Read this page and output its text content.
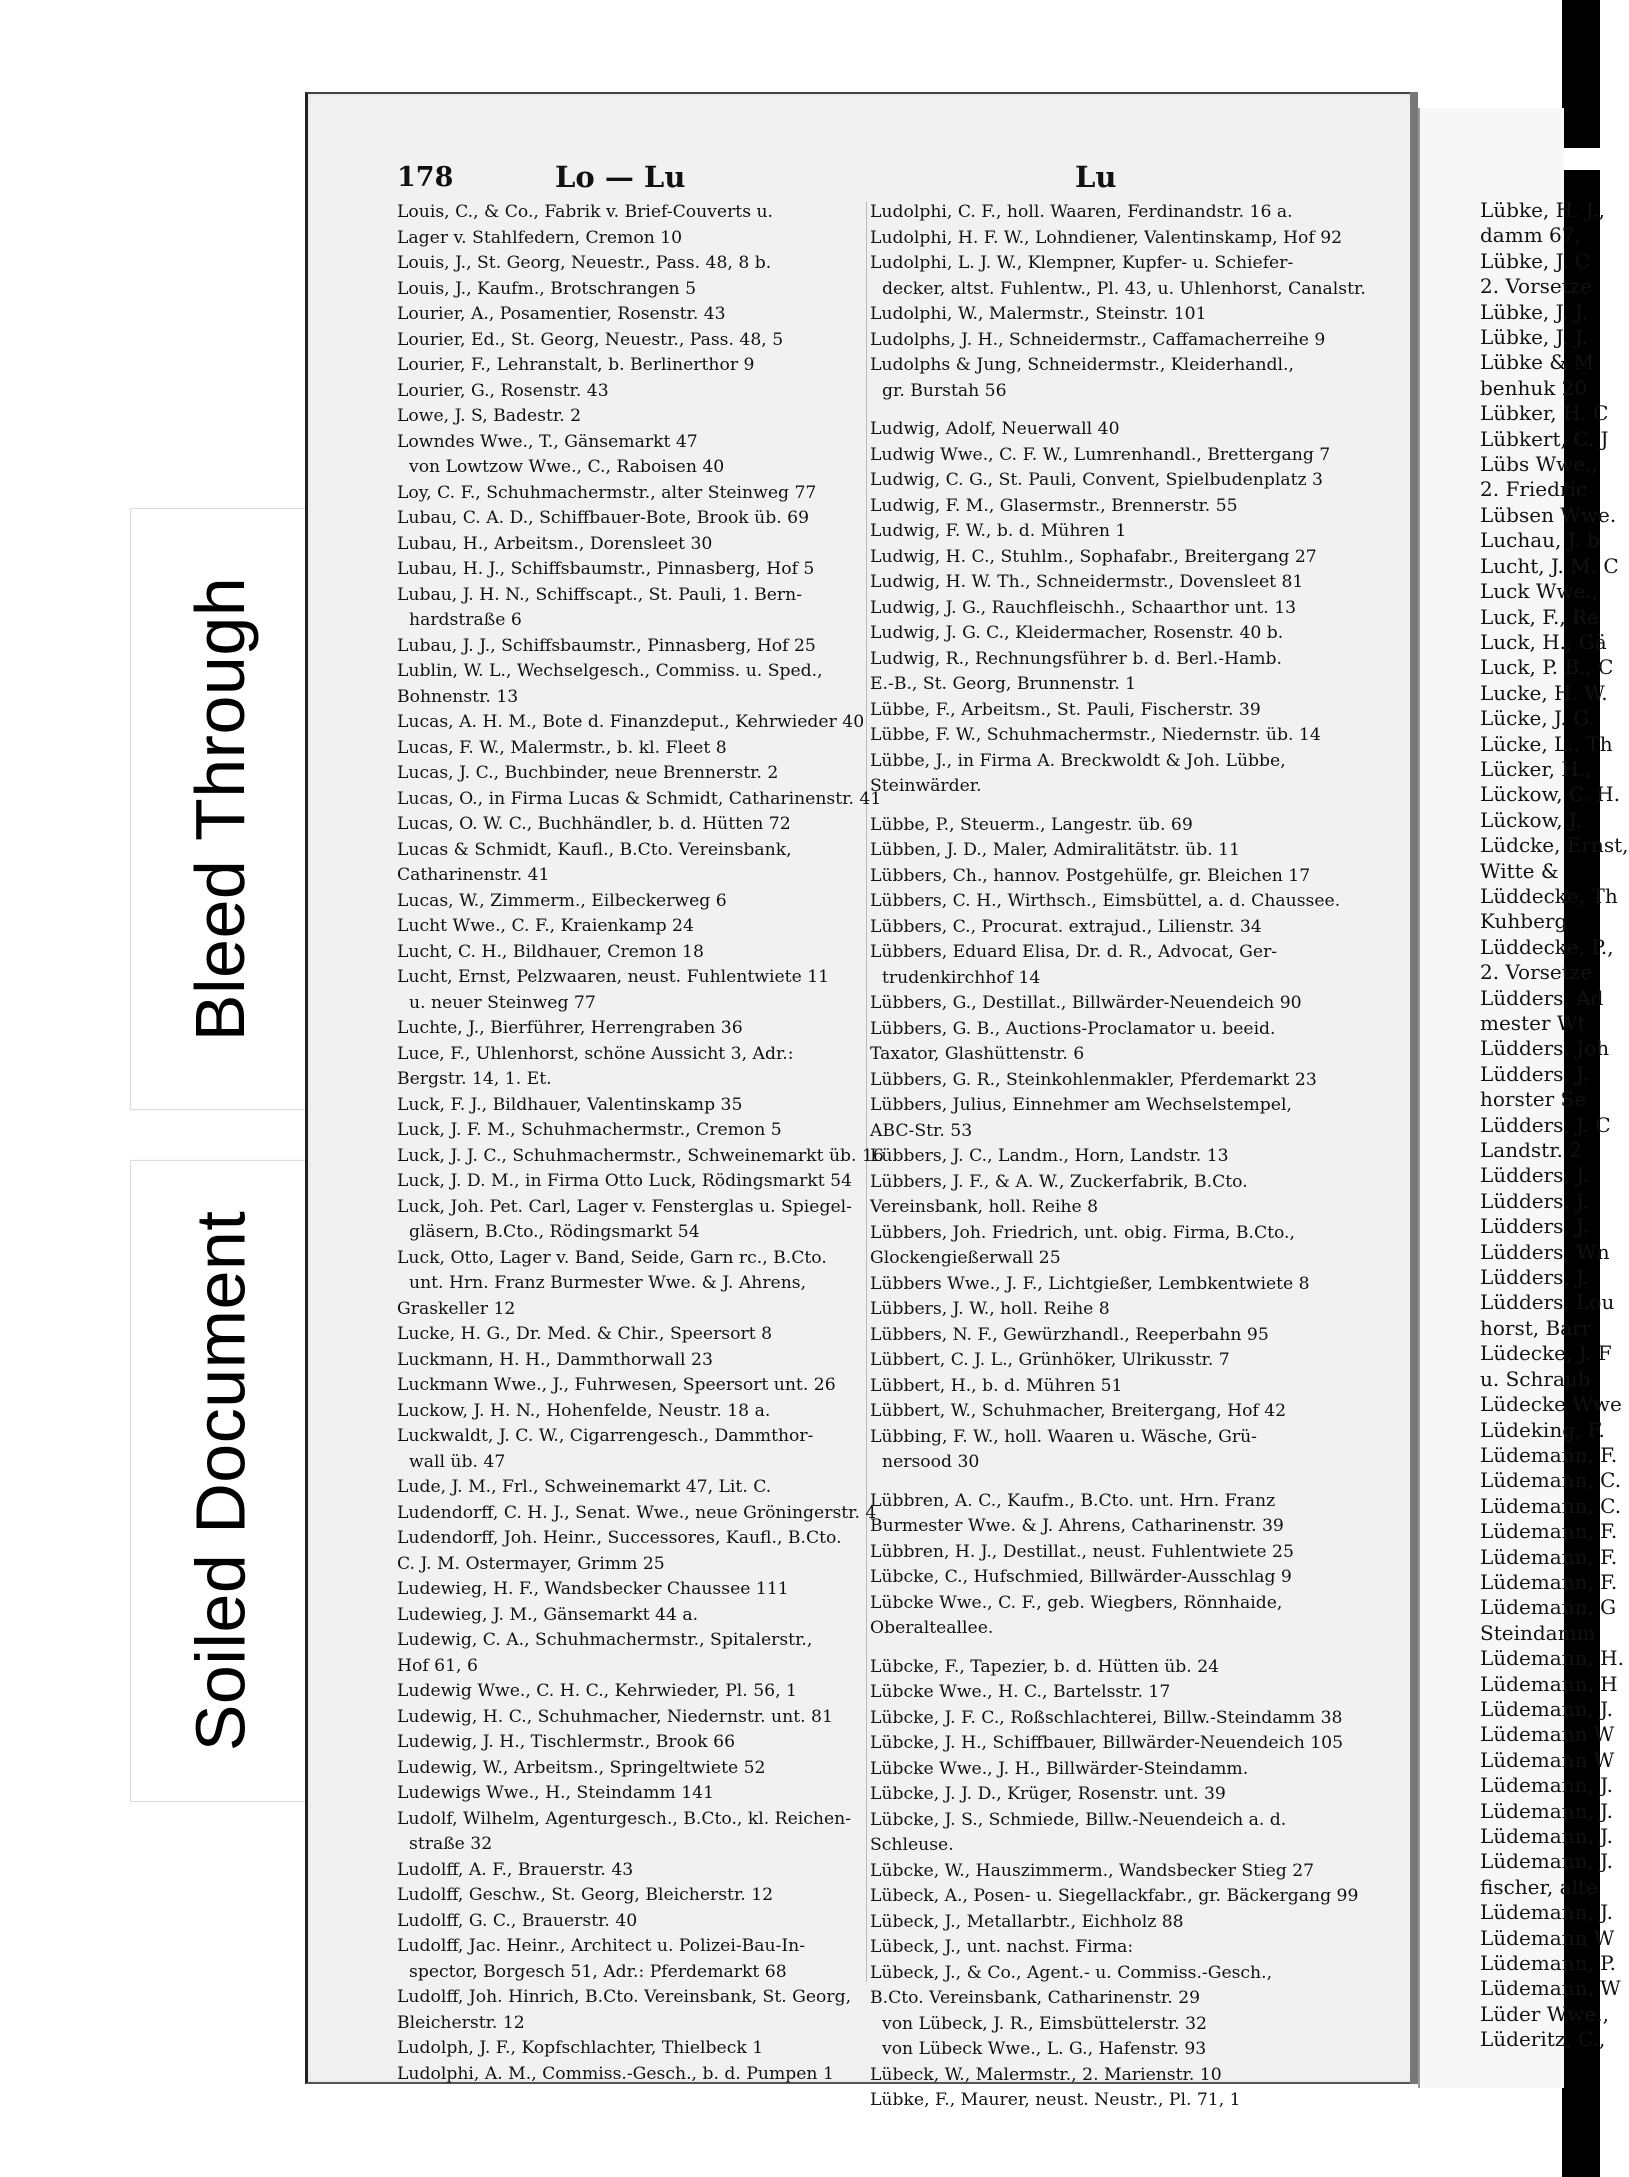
Bleed Through
Soiled Document
Lübke, H. J.,
damm 67,
Lübke, J. C
2. Vorsetze
Lübke, J. J.
Lübke, J. J.
Lübke & M
benhuk 20
Lübker, H. C
Lübkert, C. J
Lübs Wwe.,
2. Friedric
Lübsen Wwe.
Luchau, J. b
Lucht, J. M. C
Luck Wwe.,
Luck, F., Re
Luck, H., Gä
Luck, P. B., C
Lucke, H. W.
Lücke, J. G.
Lücke, L., Th
Lücker, H.,
Lückow, C. H.
Lückow, J.
Lüdcke, Ernst,
Witte &
Lüddecke, Th
Kuhberg
Lüddecke, P.,
2. Vorsetze
Lüdders, Ad
mester Wt
Lüdders, Joh
Lüdders, J.
horster Se
Lüdders, J. C
Landstr. 2
Lüdders, J.
Lüdders, J.
Lüdders, J.
Lüdders, Wn
Lüdders, J.
Lüdders, Lou
horst, Barr
Lüdecke, J. F
u. Schraub
Lüdecke Wwe
Lüdeking, F.
Lüdemann, F.
Lüdemann, C.
Lüdemann, C.
Lüdemann, F.
Lüdemann, F.
Lüdemann, F.
Lüdemann, G
Steindamm
Lüdemann, H.
Lüdemann, H
Lüdemann, J.
Lüdemann W
Lüdemann W
Lüdemann, J.
Lüdemann, J.
Lüdemann, J.
Lüdemann, J.
fischer, alte
Lüdemann, J.
Lüdemann W
Lüdemann, P.
Lüdemann, W
Lüder Wwe.,
Lüderitz, C.,
178	Lo — Lu	Lu
Louis, C., & Co., Fabrik v. Brief-Couverts u.
Lager v. Stahlfedern, Cremon 10
Louis, J., St. Georg, Neuestr., Pass. 48, 8 b.
Louis, J., Kaufm., Brotschrangen 5
Lourier, A., Posamentier, Rosenstr. 43
Lourier, Ed., St. Georg, Neuestr., Pass. 48, 5
Lourier, F., Lehranstalt, b. Berlinerthor 9
Lourier, G., Rosenstr. 43
Lowe, J. S, Badestr. 2
Lowndes Wwe., T., Gänsemarkt 47
von Lowtzow Wwe., C., Raboisen 40
Loy, C. F., Schuhmachermstr., alter Steinweg 77
Lubau, C. A. D., Schiffbauer-Bote, Brook üb. 69
Lubau, H., Arbeitsm., Dorensleet 30
Lubau, H. J., Schiffsbaumstr., Pinnasberg, Hof 5
Lubau, J. H. N., Schiffscapt., St. Pauli, 1. Bern-
hardstraße 6
Lubau, J. J., Schiffsbaumstr., Pinnasberg, Hof 25
Lublin, W. L., Wechselgesch., Commiss. u. Sped.,
Bohnenstr. 13
Lucas, A. H. M., Bote d. Finanzdeput., Kehrwieder 40
Lucas, F. W., Malermstr., b. kl. Fleet 8
Lucas, J. C., Buchbinder, neue Brennerstr. 2
Lucas, O., in Firma Lucas & Schmidt, Catharinenstr. 41
Lucas, O. W. C., Buchhändler, b. d. Hütten 72
Lucas & Schmidt, Kaufl., B.Cto. Vereinsbank,
Catharinenstr. 41
Lucas, W., Zimmerm., Eilbeckerweg 6
Lucht Wwe., C. F., Kraienkamp 24
Lucht, C. H., Bildhauer, Cremon 18
Lucht, Ernst, Pelzwaaren, neust. Fuhlentwiete 11
u. neuer Steinweg 77
Luchte, J., Bierführer, Herrengraben 36
Luce, F., Uhlenhorst, schöne Aussicht 3, Adr.:
Bergstr. 14, 1. Et.
Luck, F. J., Bildhauer, Valentinskamp 35
Luck, J. F. M., Schuhmachermstr., Cremon 5
Luck, J. J. C., Schuhmachermstr., Schweinemarkt üb. 16
Luck, J. D. M., in Firma Otto Luck, Rödingsmarkt 54
Luck, Joh. Pet. Carl, Lager v. Fensterglas u. Spiegel-
gläsern, B.Cto., Rödingsmarkt 54
Luck, Otto, Lager v. Band, Seide, Garn rc., B.Cto.
unt. Hrn. Franz Burmester Wwe. & J. Ahrens,
Graskeller 12
Lucke, H. G., Dr. Med. & Chir., Speersort 8
Luckmann, H. H., Dammthorwall 23
Luckmann Wwe., J., Fuhrwesen, Speersort unt. 26
Luckow, J. H. N., Hohenfelde, Neustr. 18 a.
Luckwaldt, J. C. W., Cigarrengesch., Dammthor-
wall üb. 47
Lude, J. M., Frl., Schweinemarkt 47, Lit. C.
Ludendorff, C. H. J., Senat. Wwe., neue Gröningerstr. 4
Ludendorff, Joh. Heinr., Successores, Kaufl., B.Cto.
C. J. M. Ostermayer, Grimm 25
Ludewieg, H. F., Wandsbecker Chaussee 111
Ludewieg, J. M., Gänsemarkt 44 a.
Ludewig, C. A., Schuhmachermstr., Spitalerstr.,
Hof 61, 6
Ludewig Wwe., C. H. C., Kehrwieder, Pl. 56, 1
Ludewig, H. C., Schuhmacher, Niedernstr. unt. 81
Ludewig, J. H., Tischlermstr., Brook 66
Ludewig, W., Arbeitsm., Springeltwiete 52
Ludewigs Wwe., H., Steindamm 141
Ludolf, Wilhelm, Agenturgesch., B.Cto., kl. Reichen-
straße 32
Ludolff, A. F., Brauerstr. 43
Ludolff, Geschw., St. Georg, Bleicherstr. 12
Ludolff, G. C., Brauerstr. 40
Ludolff, Jac. Heinr., Architect u. Polizei-Bau-In-
spector, Borgesch 51, Adr.: Pferdemarkt 68
Ludolff, Joh. Hinrich, B.Cto. Vereinsbank, St. Georg,
Bleicherstr. 12
Ludolph, J. F., Kopfschlachter, Thielbeck 1
Ludolphi, A. M., Commiss.-Gesch., b. d. Pumpen 1
Ludolphi, C. F., holl. Waaren, Ferdinandstr. 16 a.
Ludolphi, H. F. W., Lohndiener, Valentinskamp, Hof 92
Ludolphi, L. J. W., Klempner, Kupfer- u. Schiefer-
decker, altst. Fuhlentw., Pl. 43, u. Uhlenhorst, Canalstr.
Ludolphi, W., Malermstr., Steinstr. 101
Ludolphs, J. H., Schneidermstr., Caffamacherreihe 9
Ludolphs & Jung, Schneidermstr., Kleiderhandl.,
gr. Burstah 56
Ludwig, Adolf, Neuerwall 40
Ludwig Wwe., C. F. W., Lumrenhandl., Brettergang 7
Ludwig, C. G., St. Pauli, Convent, Spielbudenplatz 3
Ludwig, F. M., Glasermstr., Brennerstr. 55
Ludwig, F. W., b. d. Mühren 1
Ludwig, H. C., Stuhlm., Sophafabr., Breitergang 27
Ludwig, H. W. Th., Schneidermstr., Dovensleet 81
Ludwig, J. G., Rauchfleischh., Schaarthor unt. 13
Ludwig, J. G. C., Kleidermacher, Rosenstr. 40 b.
Ludwig, R., Rechnungsführer b. d. Berl.-Hamb.
E.-B., St. Georg, Brunnenstr. 1
Lübbe, F., Arbeitsm., St. Pauli, Fischerstr. 39
Lübbe, F. W., Schuhmachermstr., Niedernstr. üb. 14
Lübbe, J., in Firma A. Breckwoldt & Joh. Lübbe,
Steinwärder.
Lübbe, P., Steuerm., Langestr. üb. 69
Lübben, J. D., Maler, Admiralitätstr. üb. 11
Lübbers, Ch., hannov. Postgehülfe, gr. Bleichen 17
Lübbers, C. H., Wirthsch., Eimsbüttel, a. d. Chaussee.
Lübbers, C., Procurat. extrajud., Lilienstr. 34
Lübbers, Eduard Elisa, Dr. d. R., Advocat, Ger-
trudenkirchhof 14
Lübbers, G., Destillat., Billwärder-Neuendeich 90
Lübbers, G. B., Auctions-Proclamator u. beeid.
Taxator, Glashüttenstr. 6
Lübbers, G. R., Steinkohlenmakler, Pferdemarkt 23
Lübbers, Julius, Einnehmer am Wechselstempel,
ABC-Str. 53
Lübbers, J. C., Landm., Horn, Landstr. 13
Lübbers, J. F., & A. W., Zuckerfabrik, B.Cto.
Vereinsbank, holl. Reihe 8
Lübbers, Joh. Friedrich, unt. obig. Firma, B.Cto.,
Glockengießerwall 25
Lübbers Wwe., J. F., Lichtgießer, Lembkentwiete 8
Lübbers, J. W., holl. Reihe 8
Lübbers, N. F., Gewürzhandl., Reeperbahn 95
Lübbert, C. J. L., Grünhöker, Ulrikusstr. 7
Lübbert, H., b. d. Mühren 51
Lübbert, W., Schuhmacher, Breitergang, Hof 42
Lübbing, F. W., holl. Waaren u. Wäsche, Grü-
nersood 30
Lübbren, A. C., Kaufm., B.Cto. unt. Hrn. Franz
Burmester Wwe. & J. Ahrens, Catharinenstr. 39
Lübbren, H. J., Destillat., neust. Fuhlentwiete 25
Lübcke, C., Hufschmied, Billwärder-Ausschlag 9
Lübcke Wwe., C. F., geb. Wiegbers, Rönnhaide,
Oberalteallee.
Lübcke, F., Tapezier, b. d. Hütten üb. 24
Lübcke Wwe., H. C., Bartelsstr. 17
Lübcke, J. F. C., Roßschlachterei, Billw.-Steindamm 38
Lübcke, J. H., Schiffbauer, Billwärder-Neuendeich 105
Lübcke Wwe., J. H., Billwärder-Steindamm.
Lübcke, J. J. D., Krüger, Rosenstr. unt. 39
Lübcke, J. S., Schmiede, Billw.-Neuendeich a. d.
Schleuse.
Lübcke, W., Hauszimmerm., Wandsbecker Stieg 27
Lübeck, A., Posen- u. Siegellackfabr., gr. Bäckergang 99
Lübeck, J., Metallarbtr., Eichholz 88
Lübeck, J., unt. nachst. Firma:
Lübeck, J., & Co., Agent.- u. Commiss.-Gesch.,
B.Cto. Vereinsbank, Catharinenstr. 29
von Lübeck, J. R., Eimsbüttelerstr. 32
von Lübeck Wwe., L. G., Hafenstr. 93
Lübeck, W., Malermstr., 2. Marienstr. 10
Lübke, F., Maurer, neust. Neustr., Pl. 71, 1
